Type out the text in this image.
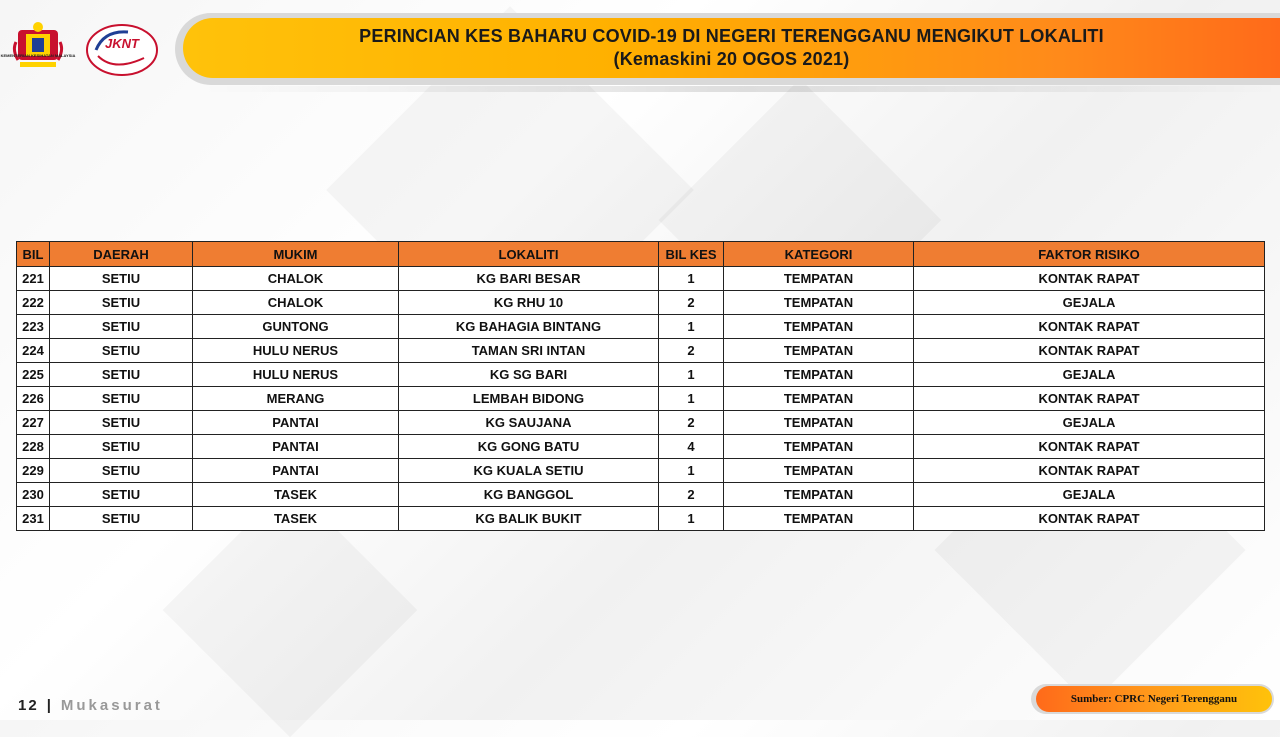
KEMENTERIAN KESIHATAN MALAYSIA
JKNT	PERINCIAN KES BAHARU COVID-19 DI NEGERI TERENGGANU MENGIKUT LOKALITI
(Kemaskini 20 OGOS 2021)
BIL	DAERAH	MUKIM	LOKALITI	BIL KES	KATEGORI	FAKTOR RISIKO
221	SETIU	CHALOK	KG BARI BESAR	1	TEMPATAN	KONTAK RAPAT
222	SETIU	CHALOK	KG RHU 10	2	TEMPATAN	GEJALA
223	SETIU	GUNTONG	KG BAHAGIA BINTANG	1	TEMPATAN	KONTAK RAPAT
224	SETIU	HULU NERUS	TAMAN SRI INTAN	2	TEMPATAN	KONTAK RAPAT
225	SETIU	HULU NERUS	KG SG BARI	1	TEMPATAN	GEJALA
226	SETIU	MERANG	LEMBAH BIDONG	1	TEMPATAN	KONTAK RAPAT
227	SETIU	PANTAI	KG SAUJANA	2	TEMPATAN	GEJALA
228	SETIU	PANTAI	KG GONG BATU	4	TEMPATAN	KONTAK RAPAT
229	SETIU	PANTAI	KG KUALA SETIU	1	TEMPATAN	KONTAK RAPAT
230	SETIU	TASEK	KG BANGGOL	2	TEMPATAN	GEJALA
231	SETIU	TASEK	KG BALIK BUKIT	1	TEMPATAN	KONTAK RAPAT
12 | Mukasurat	Sumber: CPRC Negeri Terengganu
